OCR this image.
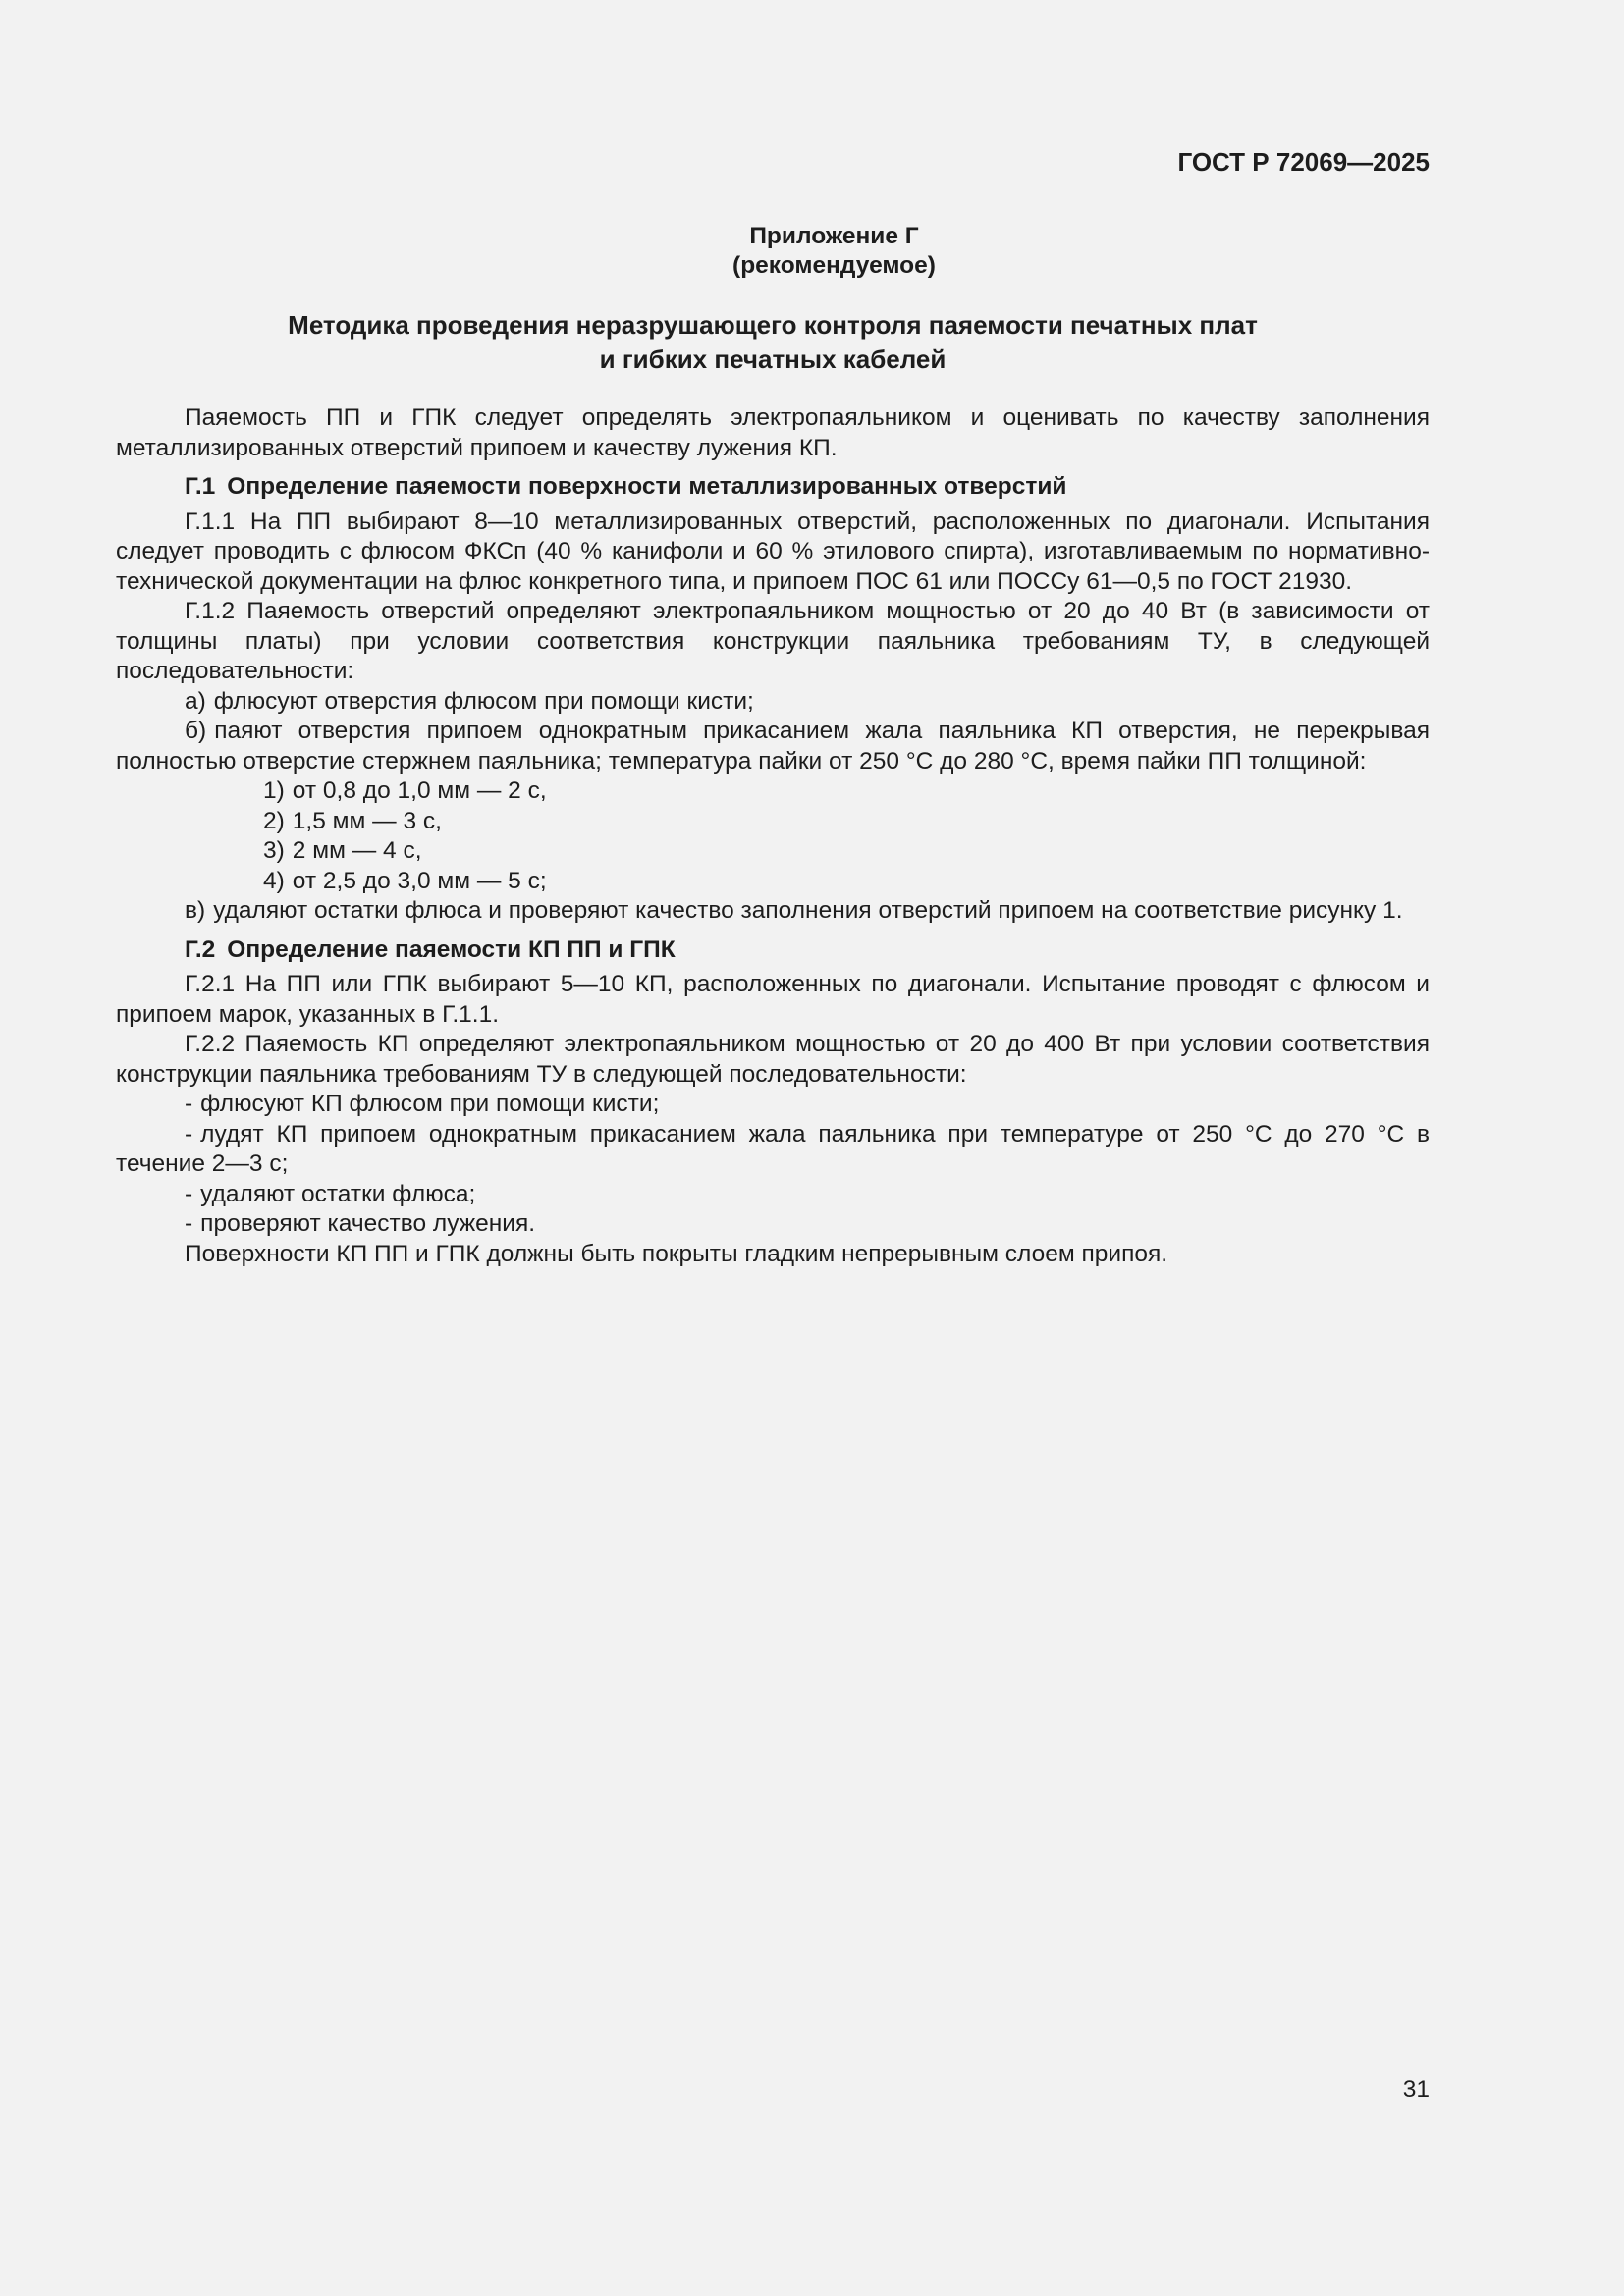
ГОСТ Р 72069—2025
Приложение Г
(рекомендуемое)
Методика проведения неразрушающего контроля паяемости печатных плат
и гибких печатных кабелей
Паяемость ПП и ГПК следует определять электропаяльником и оценивать по качеству заполнения металлизированных отверстий припоем и качеству лужения КП.
Г.1 Определение паяемости поверхности металлизированных отверстий
Г.1.1 На ПП выбирают 8—10 металлизированных отверстий, расположенных по диагонали. Испытания следует проводить с флюсом ФКСп (40 % канифоли и 60 % этилового спирта), изготавливаемым по нормативно-технической документации на флюс конкретного типа, и припоем ПОС 61 или ПОССу 61—0,5 по ГОСТ 21930.
Г.1.2 Паяемость отверстий определяют электропаяльником мощностью от 20 до 40 Вт (в зависимости от толщины платы) при условии соответствия конструкции паяльника требованиям ТУ, в следующей последовательности:
а) флюсуют отверстия флюсом при помощи кисти;
б) паяют отверстия припоем однократным прикасанием жала паяльника КП отверстия, не перекрывая полностью отверстие стержнем паяльника; температура пайки от 250 °С до 280 °С, время пайки ПП толщиной:
1) от 0,8 до 1,0 мм — 2 с,
2) 1,5 мм — 3 с,
3) 2 мм — 4 с,
4) от 2,5 до 3,0 мм — 5 с;
в) удаляют остатки флюса и проверяют качество заполнения отверстий припоем на соответствие рисунку 1.
Г.2 Определение паяемости КП ПП и ГПК
Г.2.1 На ПП или ГПК выбирают 5—10 КП, расположенных по диагонали. Испытание проводят с флюсом и припоем марок, указанных в Г.1.1.
Г.2.2 Паяемость КП определяют электропаяльником мощностью от 20 до 400 Вт при условии соответствия конструкции паяльника требованиям ТУ в следующей последовательности:
- флюсуют КП флюсом при помощи кисти;
- лудят КП припоем однократным прикасанием жала паяльника при температуре от 250 °С до 270 °С в течение 2—3 с;
- удаляют остатки флюса;
- проверяют качество лужения.
Поверхности КП ПП и ГПК должны быть покрыты гладким непрерывным слоем припоя.
31
